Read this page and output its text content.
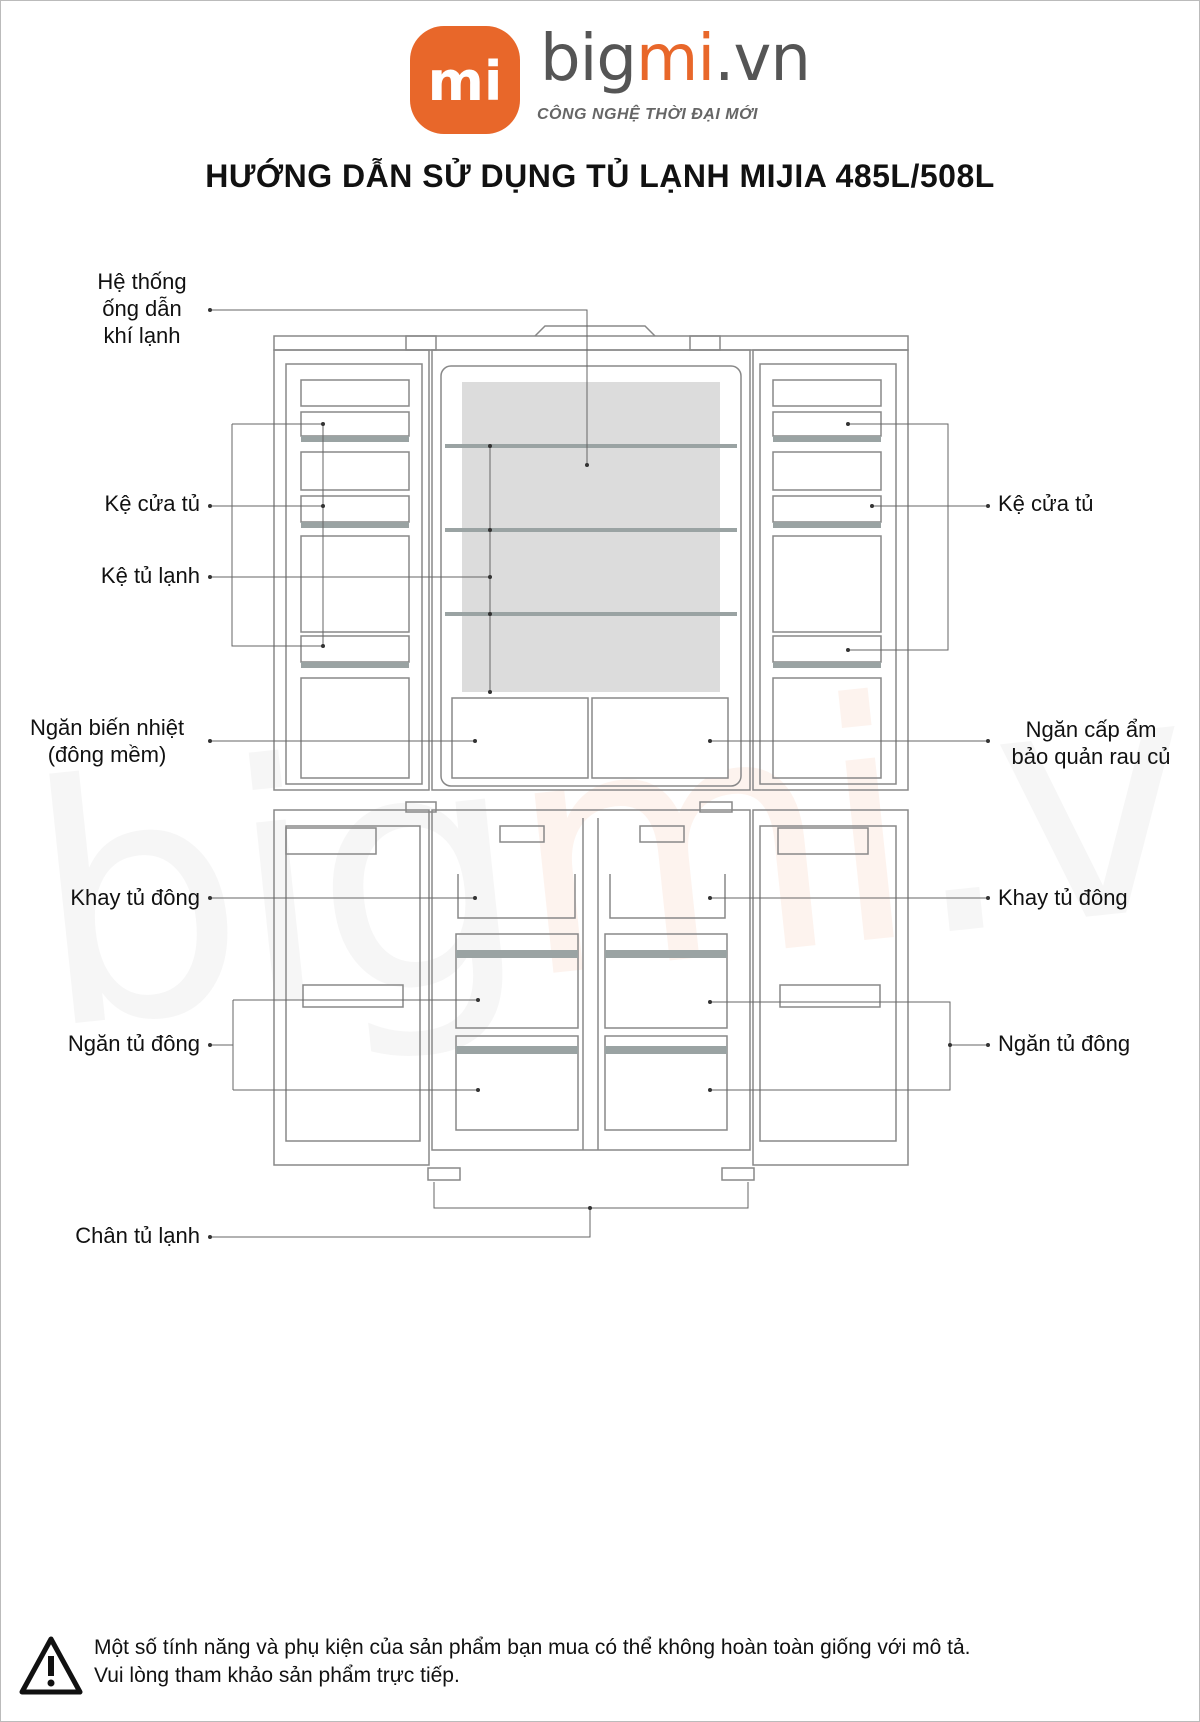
mi bigmi.vn
CÔNG NGHỆ THỜI ĐẠI MỚI
HƯỚNG DẪN SỬ DỤNG TỦ LẠNH MIJIA 485L/508L
mi
Hệ thống
ống dẫn
khí lạnh
Kệ cửa tủ
Kệ tủ lạnh
Ngăn biến nhiệt
(đông mềm)
Khay tủ đông
Ngăn tủ đông
Chân tủ lạnh
Kệ cửa tủ
Ngăn cấp ẩm
bảo quản rau củ
Khay tủ đông
Ngăn tủ đông
Một số tính năng và phụ kiện của sản phẩm bạn mua có thể không hoàn toàn giống với mô tả.
Vui lòng tham khảo sản phẩm trực tiếp.
